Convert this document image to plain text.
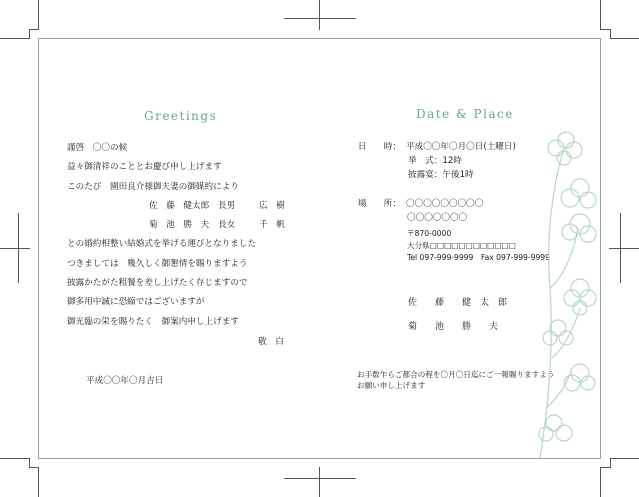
Greetings
謹啓　〇〇の候
益々御清祥のこととお慶び申し上げます
このたび　園田良介様御夫妻の御媒約により
佐　藤　健太郎 長男	広　樹
菊　池　勝　夫 長女	千　帆
との婚約相整い結婚式を挙げる運びとなりました
つきましては　幾久しく御懇情を賜りますよう
披露かたがた粗餐を差し上げたく存じますので
御多用中誠に恐縮ではございますが
御光臨の栄を賜りたく　御案内申し上げます
敬　白
平成〇〇年〇月吉日
Date & Place
日　　時： 平成〇〇年〇月〇日(土曜日)
挙　式：12時
披露宴：午後1時
場　　所： 〇〇〇〇〇〇〇〇〇
〇〇〇〇〇〇〇
〒870-0000
大分県□□□□□□□□□□□□
Tel 097-999-9999　Fax 097-999-9999
佐　　藤　　健　太　郎
菊　　池　　勝　　夫
お手数乍らご都合の程を〇月〇日迄にご一報賜りますよう
お願い申し上げます
